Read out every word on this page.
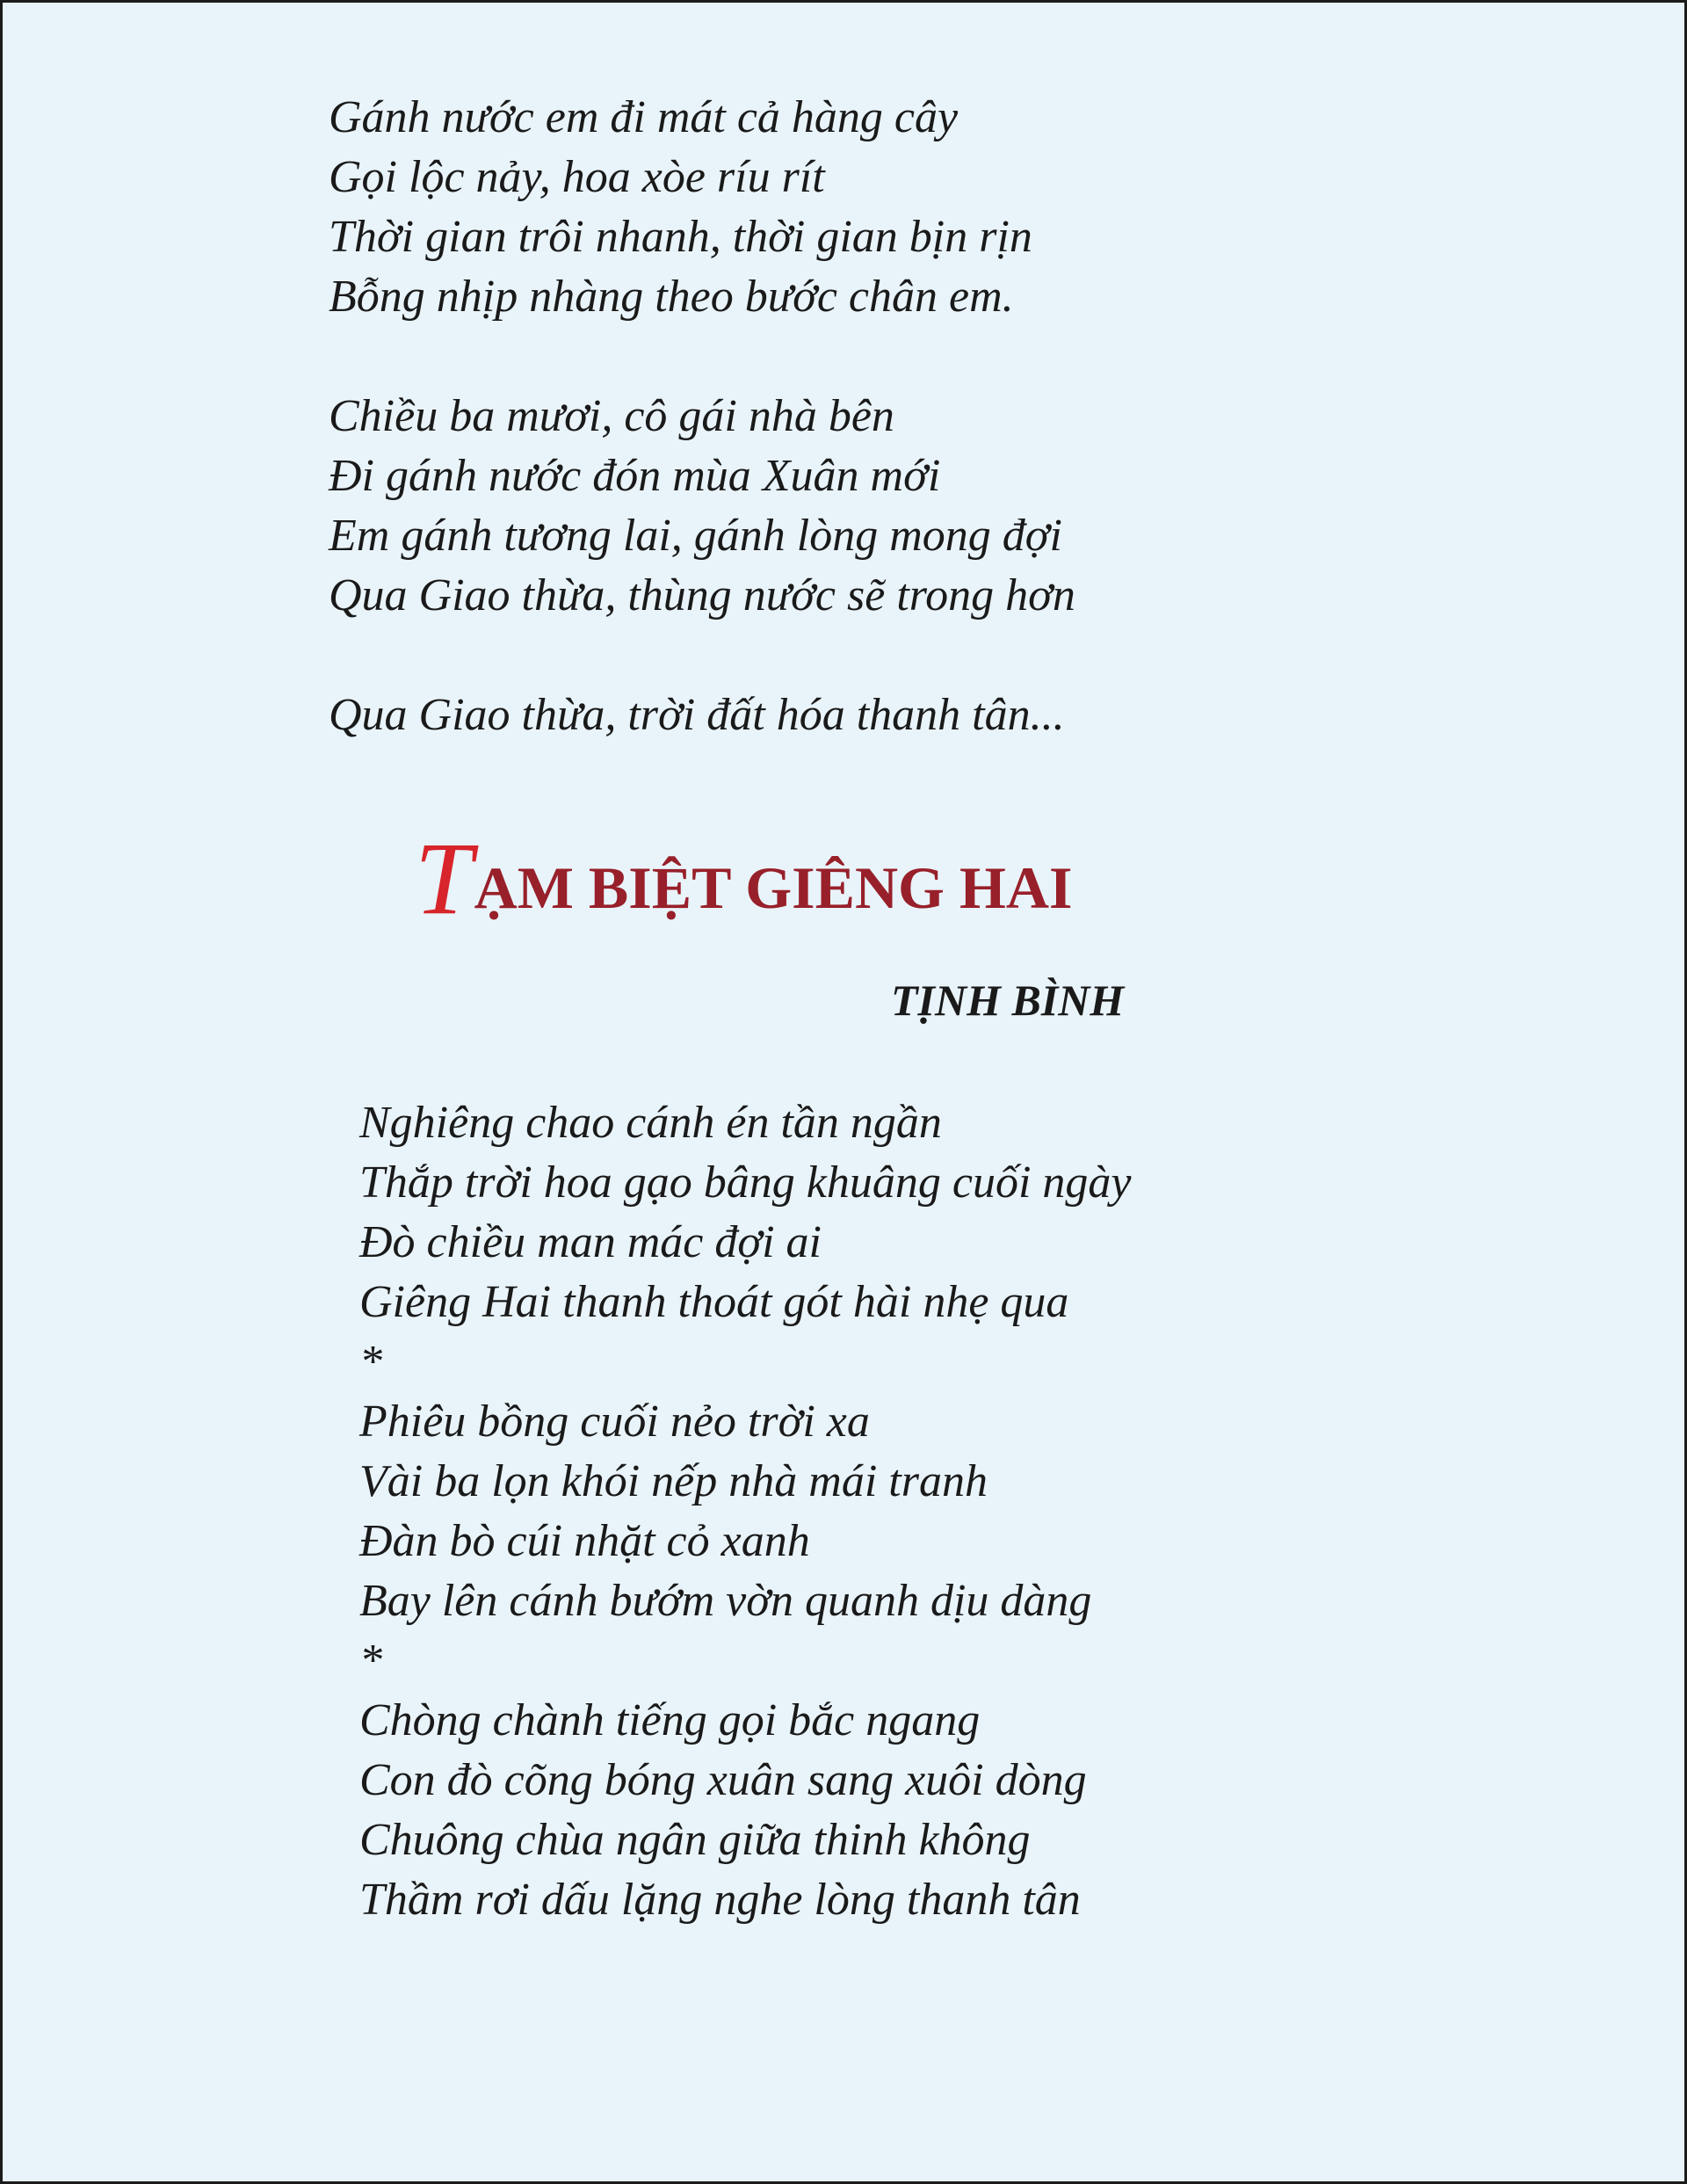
Gánh nước em đi mát cả hàng cây
Gọi lộc nảy, hoa xòe ríu rít
Thời gian trôi nhanh, thời gian bịn rịn
Bỗng nhịp nhàng theo bước chân em.
Chiều ba mươi, cô gái nhà bên
Đi gánh nước đón mùa Xuân mới
Em gánh tương lai, gánh lòng mong đợi
Qua Giao thừa, thùng nước sẽ trong hơn
Qua Giao thừa, trời đất hóa thanh tân...
TẠM BIỆT GIÊNG HAI

TỊNH BÌNH

Nghiêng chao cánh én tần ngần
Thắp trời hoa gạo bâng khuâng cuối ngày
Đò chiều man mác đợi ai
Giêng Hai thanh thoát gót hài nhẹ qua
*
Phiêu bồng cuối nẻo trời xa
Vài ba lọn khói nếp nhà mái tranh
Đàn bò cúi nhặt cỏ xanh
Bay lên cánh bướm vờn quanh dịu dàng
*
Chòng chành tiếng gọi bắc ngang
Con đò cõng bóng xuân sang xuôi dòng
Chuông chùa ngân giữa thinh không
Thầm rơi dấu lặng nghe lòng thanh tân
